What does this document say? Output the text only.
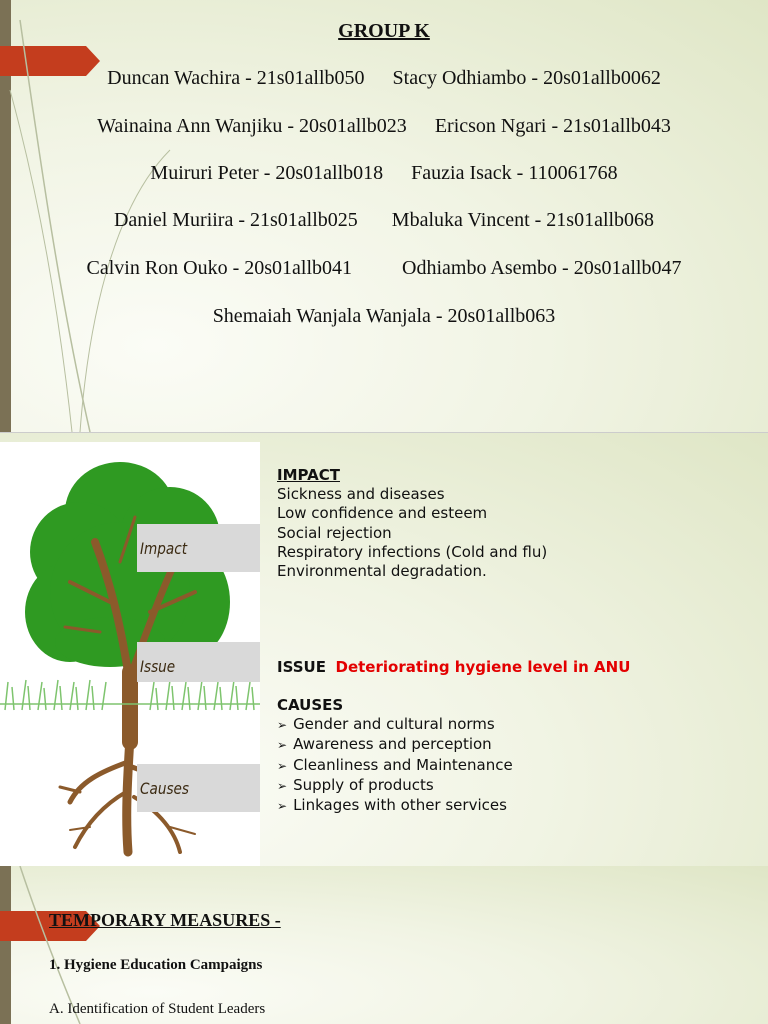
GROUP K
Duncan Wachira - 21s01allb050 Stacy Odhiambo - 20s01allb0062
Wainaina Ann Wanjiku - 20s01allb023 Ericson Ngari - 21s01allb043
Muiruri Peter - 20s01allb018 Fauzia Isack - 110061768
Daniel Muriira - 21s01allb025 Mbaluka Vincent - 21s01allb068
Calvin Ron Ouko - 20s01allb041	Odhiambo Asembo - 20s01allb047
Shemaiah Wanjala Wanjala - 20s01allb063
Impact
Issue
Causes
IMPACT
Sickness and diseases
Low confidence and esteem
Social rejection
Respiratory infections (Cold and flu)
Environmental degradation.
ISSUE Deteriorating hygiene level in ANU
CAUSES
➢ Gender and cultural norms
➢ Awareness and perception
➢ Cleanliness and Maintenance
➢ Supply of products
➢ Linkages with other services
TEMPORARY MEASURES -
1. Hygiene Education Campaigns
A. Identification of Student Leaders
